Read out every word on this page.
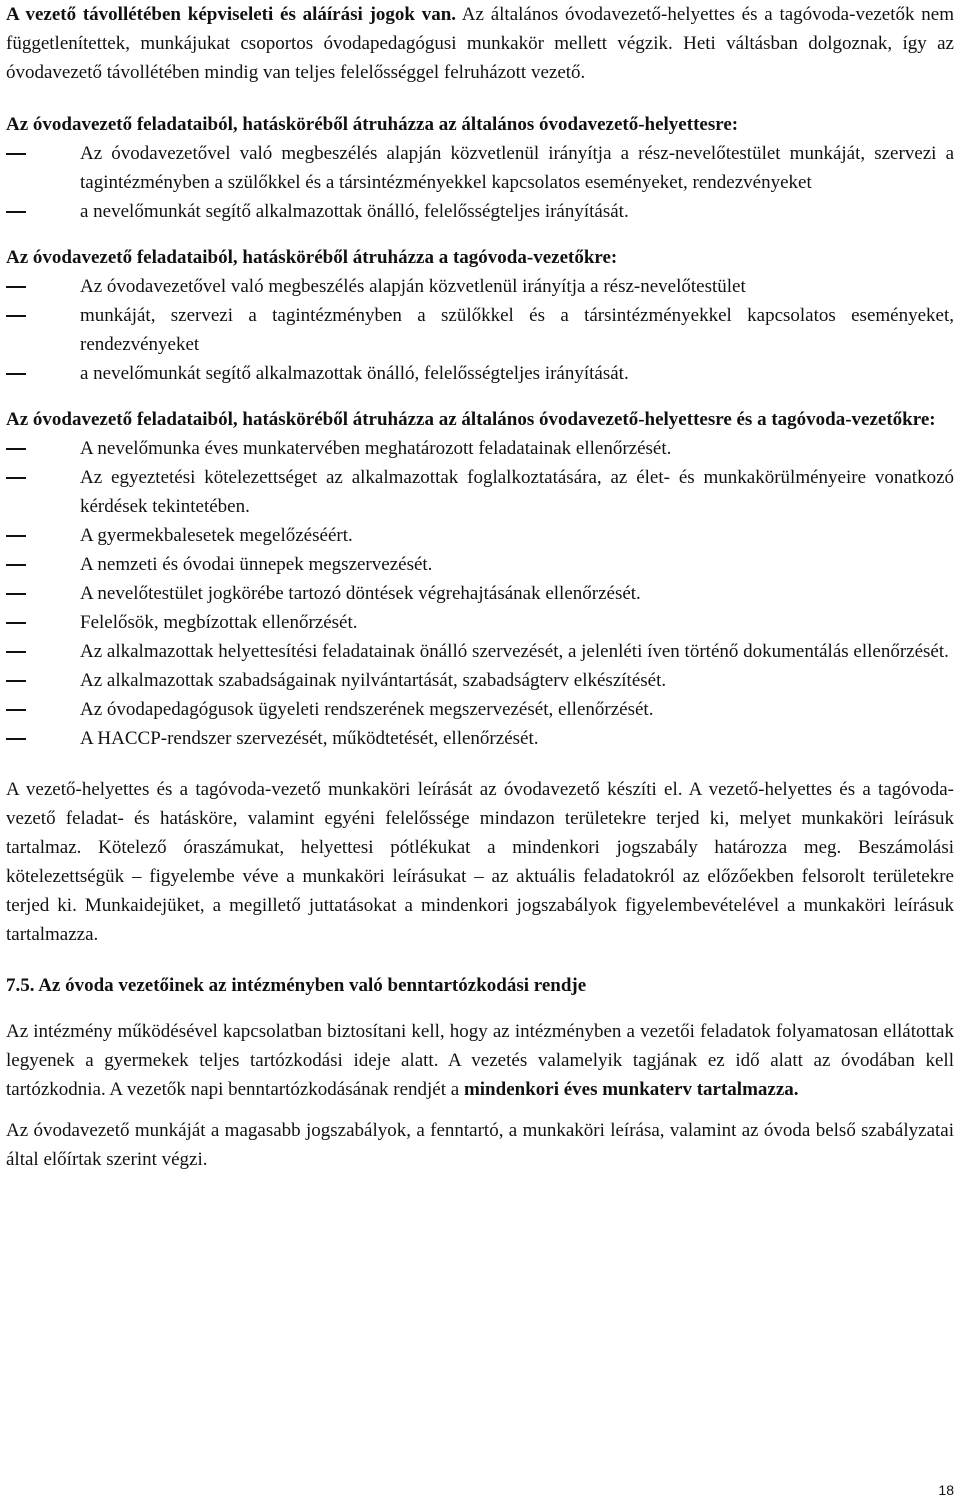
A vezető távollétében képviseleti és aláírási jogok van. Az általános óvodavezető-helyettes és a tagóvoda-vezetők nem függetlenítettek, munkájukat csoportos óvodapedagógusi munkakör mellett végzik. Heti váltásban dolgoznak, így az óvodavezető távollétében mindig van teljes felelősséggel felruházott vezető.

Az óvodavezető feladataiból, hatásköréből átruházza az általános óvodavezető-helyettesre:

Az óvodavezetővel való megbeszélés alapján közvetlenül irányítja a rész-nevelőtestület munkáját, szervezi a tagintézményben a szülőkkel és a társintézményekkel kapcsolatos eseményeket, rendezvényeket
a nevelőmunkát segítő alkalmazottak önálló, felelősségteljes irányítását.

Az óvodavezető feladataiból, hatásköréből átruházza a tagóvoda-vezetőkre:

Az óvodavezetővel való megbeszélés alapján közvetlenül irányítja a rész-nevelőtestület
munkáját, szervezi a tagintézményben a szülőkkel és a társintézményekkel kapcsolatos eseményeket, rendezvényeket
a nevelőmunkát segítő alkalmazottak önálló, felelősségteljes irányítását.

Az óvodavezető feladataiból, hatásköréből átruházza az általános óvodavezető-helyettesre és a tagóvoda-vezetőkre:

A nevelőmunka éves munkatervében meghatározott feladatainak ellenőrzését.
Az egyeztetési kötelezettséget az alkalmazottak foglalkoztatására, az élet- és munkakörülményeire vonatkozó kérdések tekintetében.
A gyermekbalesetek megelőzéséért.
A nemzeti és óvodai ünnepek megszervezését.
A nevelőtestület jogkörébe tartozó döntések végrehajtásának ellenőrzését.
Felelősök, megbízottak ellenőrzését.
Az alkalmazottak helyettesítési feladatainak önálló szervezését, a jelenléti íven történő dokumentálás ellenőrzését.
Az alkalmazottak szabadságainak nyilvántartását, szabadságterv elkészítését.
Az óvodapedagógusok ügyeleti rendszerének megszervezését, ellenőrzését.
A HACCP-rendszer szervezését, működtetését, ellenőrzését.

A vezető-helyettes és a tagóvoda-vezető munkaköri leírását az óvodavezető készíti el. A vezető-helyettes és a tagóvoda-vezető feladat- és hatásköre, valamint egyéni felelőssége mindazon területekre terjed ki, melyet munkaköri leírásuk tartalmaz. Kötelező óraszámukat, helyettesi pótlékukat a mindenkori jogszabály határozza meg. Beszámolási kötelezettségük – figyelembe véve a munkaköri leírásukat – az aktuális feladatokról az előzőekben felsorolt területekre terjed ki. Munkaidejüket, a megillető juttatásokat a mindenkori jogszabályok figyelembevételével a munkaköri leírásuk tartalmazza.

7.5. Az óvoda vezetőinek az intézményben való benntartózkodási rendje

Az intézmény működésével kapcsolatban biztosítani kell, hogy az intézményben a vezetői feladatok folyamatosan ellátottak legyenek a gyermekek teljes tartózkodási ideje alatt. A vezetés valamelyik tagjának ez idő alatt az óvodában kell tartózkodnia. A vezetők napi benntartózkodásának rendjét a mindenkori éves munkaterv tartalmazza.

Az óvodavezető munkáját a magasabb jogszabályok, a fenntartó, a munkaköri leírása, valamint az óvoda belső szabályzatai által előírtak szerint végzi.

18
